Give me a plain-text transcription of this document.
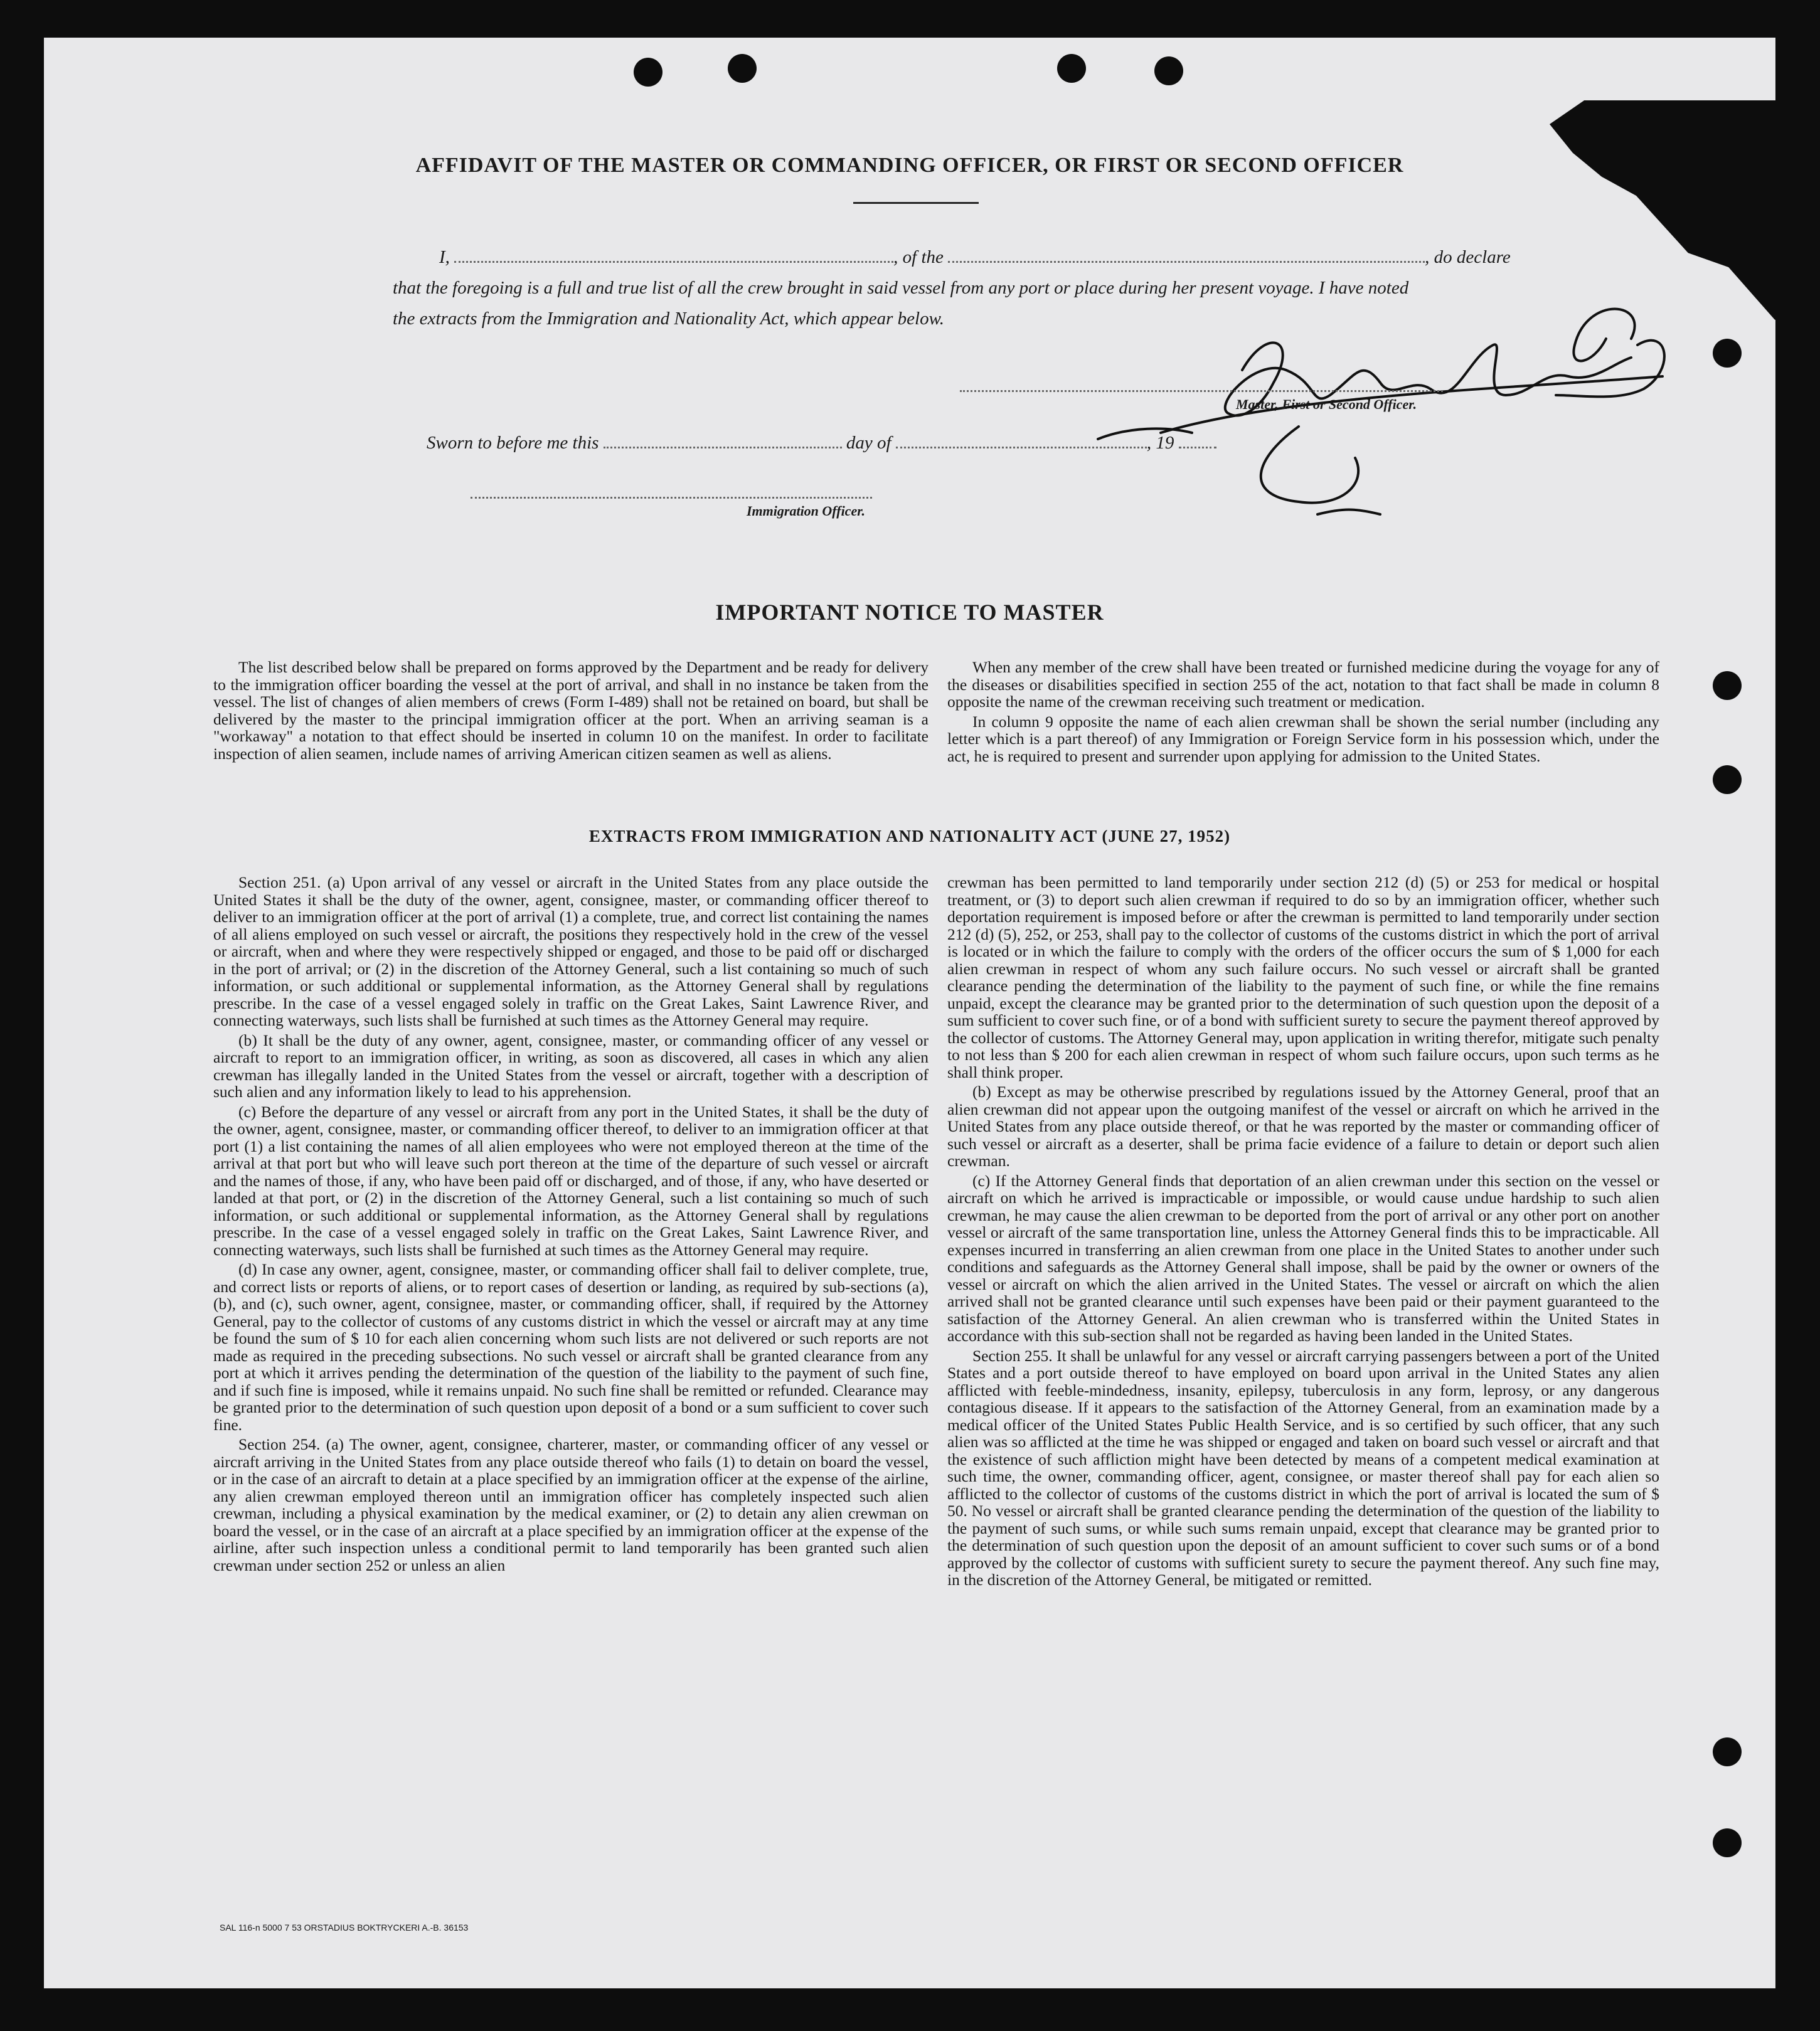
AFFIDAVIT OF THE MASTER OR COMMANDING OFFICER, OR FIRST OR SECOND OFFICER
I,	, of the	, do declare
that the foregoing is a full and true list of all the crew brought in said vessel from any port or place during her present voyage. I have noted
the extracts from the Immigration and Nationality Act, which appear below.
Master, First or Second Officer.
Sworn to before me this	day of	, 19
Immigration Officer.
IMPORTANT NOTICE TO MASTER

The list described below shall be prepared on forms approved by the Department and be ready for delivery to the immigration officer boarding the vessel at the port of arrival, and shall in no instance be taken from the vessel. The list of changes of alien members of crews (Form I-489) shall not be retained on board, but shall be delivered by the master to the principal immigration officer at the port. When an arriving seaman is a "workaway" a notation to that effect should be inserted in column 10 on the manifest. In order to facilitate inspection of alien seamen, include names of arriving American citizen seamen as well as aliens.

When any member of the crew shall have been treated or furnished medicine during the voyage for any of the diseases or disabilities specified in section 255 of the act, notation to that fact shall be made in column 8 opposite the name of the crewman receiving such treatment or medication.

In column 9 opposite the name of each alien crewman shall be shown the serial number (including any letter which is a part thereof) of any Immigration or Foreign Service form in his possession which, under the act, he is required to present and surrender upon applying for admission to the United States.

EXTRACTS FROM IMMIGRATION AND NATIONALITY ACT (JUNE 27, 1952)

Section 251. (a) Upon arrival of any vessel or aircraft in the United States from any place outside the United States it shall be the duty of the owner, agent, consignee, master, or commanding officer thereof to deliver to an immigration officer at the port of arrival (1) a complete, true, and correct list containing the names of all aliens employed on such vessel or aircraft, the positions they respectively hold in the crew of the vessel or aircraft, when and where they were respectively shipped or engaged, and those to be paid off or discharged in the port of arrival; or (2) in the discretion of the Attorney General, such a list containing so much of such information, or such additional or supplemental information, as the Attorney General shall by regulations prescribe. In the case of a vessel engaged solely in traffic on the Great Lakes, Saint Lawrence River, and connecting waterways, such lists shall be furnished at such times as the Attorney General may require.

(b) It shall be the duty of any owner, agent, consignee, master, or commanding officer of any vessel or aircraft to report to an immigration officer, in writing, as soon as discovered, all cases in which any alien crewman has illegally landed in the United States from the vessel or aircraft, together with a description of such alien and any information likely to lead to his apprehension.

(c) Before the departure of any vessel or aircraft from any port in the United States, it shall be the duty of the owner, agent, consignee, master, or commanding officer thereof, to deliver to an immigration officer at that port (1) a list containing the names of all alien employees who were not employed thereon at the time of the arrival at that port but who will leave such port thereon at the time of the departure of such vessel or aircraft and the names of those, if any, who have been paid off or discharged, and of those, if any, who have deserted or landed at that port, or (2) in the discretion of the Attorney General, such a list containing so much of such information, or such additional or supplemental information, as the Attorney General shall by regulations prescribe. In the case of a vessel engaged solely in traffic on the Great Lakes, Saint Lawrence River, and connecting waterways, such lists shall be furnished at such times as the Attorney General may require.

(d) In case any owner, agent, consignee, master, or commanding officer shall fail to deliver complete, true, and correct lists or reports of aliens, or to report cases of desertion or landing, as required by sub-sections (a), (b), and (c), such owner, agent, consignee, master, or commanding officer, shall, if required by the Attorney General, pay to the collector of customs of any customs district in which the vessel or aircraft may at any time be found the sum of $ 10 for each alien concerning whom such lists are not delivered or such reports are not made as required in the preceding subsections. No such vessel or aircraft shall be granted clearance from any port at which it arrives pending the determination of the question of the liability to the payment of such fine, and if such fine is imposed, while it remains unpaid. No such fine shall be remitted or refunded. Clearance may be granted prior to the determination of such question upon deposit of a bond or a sum sufficient to cover such fine.

Section 254. (a) The owner, agent, consignee, charterer, master, or commanding officer of any vessel or aircraft arriving in the United States from any place outside thereof who fails (1) to detain on board the vessel, or in the case of an aircraft to detain at a place specified by an immigration officer at the expense of the airline, any alien crewman employed thereon until an immigration officer has completely inspected such alien crewman, including a physical examination by the medical examiner, or (2) to detain any alien crewman on board the vessel, or in the case of an aircraft at a place specified by an immigration officer at the expense of the airline, after such inspection unless a conditional permit to land temporarily has been granted such alien crewman under section 252 or unless an alien

crewman has been permitted to land temporarily under section 212 (d) (5) or 253 for medical or hospital treatment, or (3) to deport such alien crewman if required to do so by an immigration officer, whether such deportation requirement is imposed before or after the crewman is permitted to land temporarily under section 212 (d) (5), 252, or 253, shall pay to the collector of customs of the customs district in which the port of arrival is located or in which the failure to comply with the orders of the officer occurs the sum of $ 1,000 for each alien crewman in respect of whom any such failure occurs. No such vessel or aircraft shall be granted clearance pending the determination of the liability to the payment of such fine, or while the fine remains unpaid, except the clearance may be granted prior to the determination of such question upon the deposit of a sum sufficient to cover such fine, or of a bond with sufficient surety to secure the payment thereof approved by the collector of customs. The Attorney General may, upon application in writing therefor, mitigate such penalty to not less than $ 200 for each alien crewman in respect of whom such failure occurs, upon such terms as he shall think proper.

(b) Except as may be otherwise prescribed by regulations issued by the Attorney General, proof that an alien crewman did not appear upon the outgoing manifest of the vessel or aircraft on which he arrived in the United States from any place outside thereof, or that he was reported by the master or commanding officer of such vessel or aircraft as a deserter, shall be prima facie evidence of a failure to detain or deport such alien crewman.

(c) If the Attorney General finds that deportation of an alien crewman under this section on the vessel or aircraft on which he arrived is impracticable or impossible, or would cause undue hardship to such alien crewman, he may cause the alien crewman to be deported from the port of arrival or any other port on another vessel or aircraft of the same transportation line, unless the Attorney General finds this to be impracticable. All expenses incurred in transferring an alien crewman from one place in the United States to another under such conditions and safeguards as the Attorney General shall impose, shall be paid by the owner or owners of the vessel or aircraft on which the alien arrived in the United States. The vessel or aircraft on which the alien arrived shall not be granted clearance until such expenses have been paid or their payment guaranteed to the satisfaction of the Attorney General. An alien crewman who is transferred within the United States in accordance with this sub-section shall not be regarded as having been landed in the United States.

Section 255. It shall be unlawful for any vessel or aircraft carrying passengers between a port of the United States and a port outside thereof to have employed on board upon arrival in the United States any alien afflicted with feeble-mindedness, insanity, epilepsy, tuberculosis in any form, leprosy, or any dangerous contagious disease. If it appears to the satisfaction of the Attorney General, from an examination made by a medical officer of the United States Public Health Service, and is so certified by such officer, that any such alien was so afflicted at the time he was shipped or engaged and taken on board such vessel or aircraft and that the existence of such affliction might have been detected by means of a competent medical examination at such time, the owner, commanding officer, agent, consignee, or master thereof shall pay for each alien so afflicted to the collector of customs of the customs district in which the port of arrival is located the sum of $ 50. No vessel or aircraft shall be granted clearance pending the determination of the question of the liability to the payment of such sums, or while such sums remain unpaid, except that clearance may be granted prior to the determination of such question upon the deposit of an amount sufficient to cover such sums or of a bond approved by the collector of customs with sufficient surety to secure the payment thereof. Any such fine may, in the discretion of the Attorney General, be mitigated or remitted.

SAL 116-n 5000 7 53 ORSTADIUS BOKTRYCKERI A.-B. 36153
